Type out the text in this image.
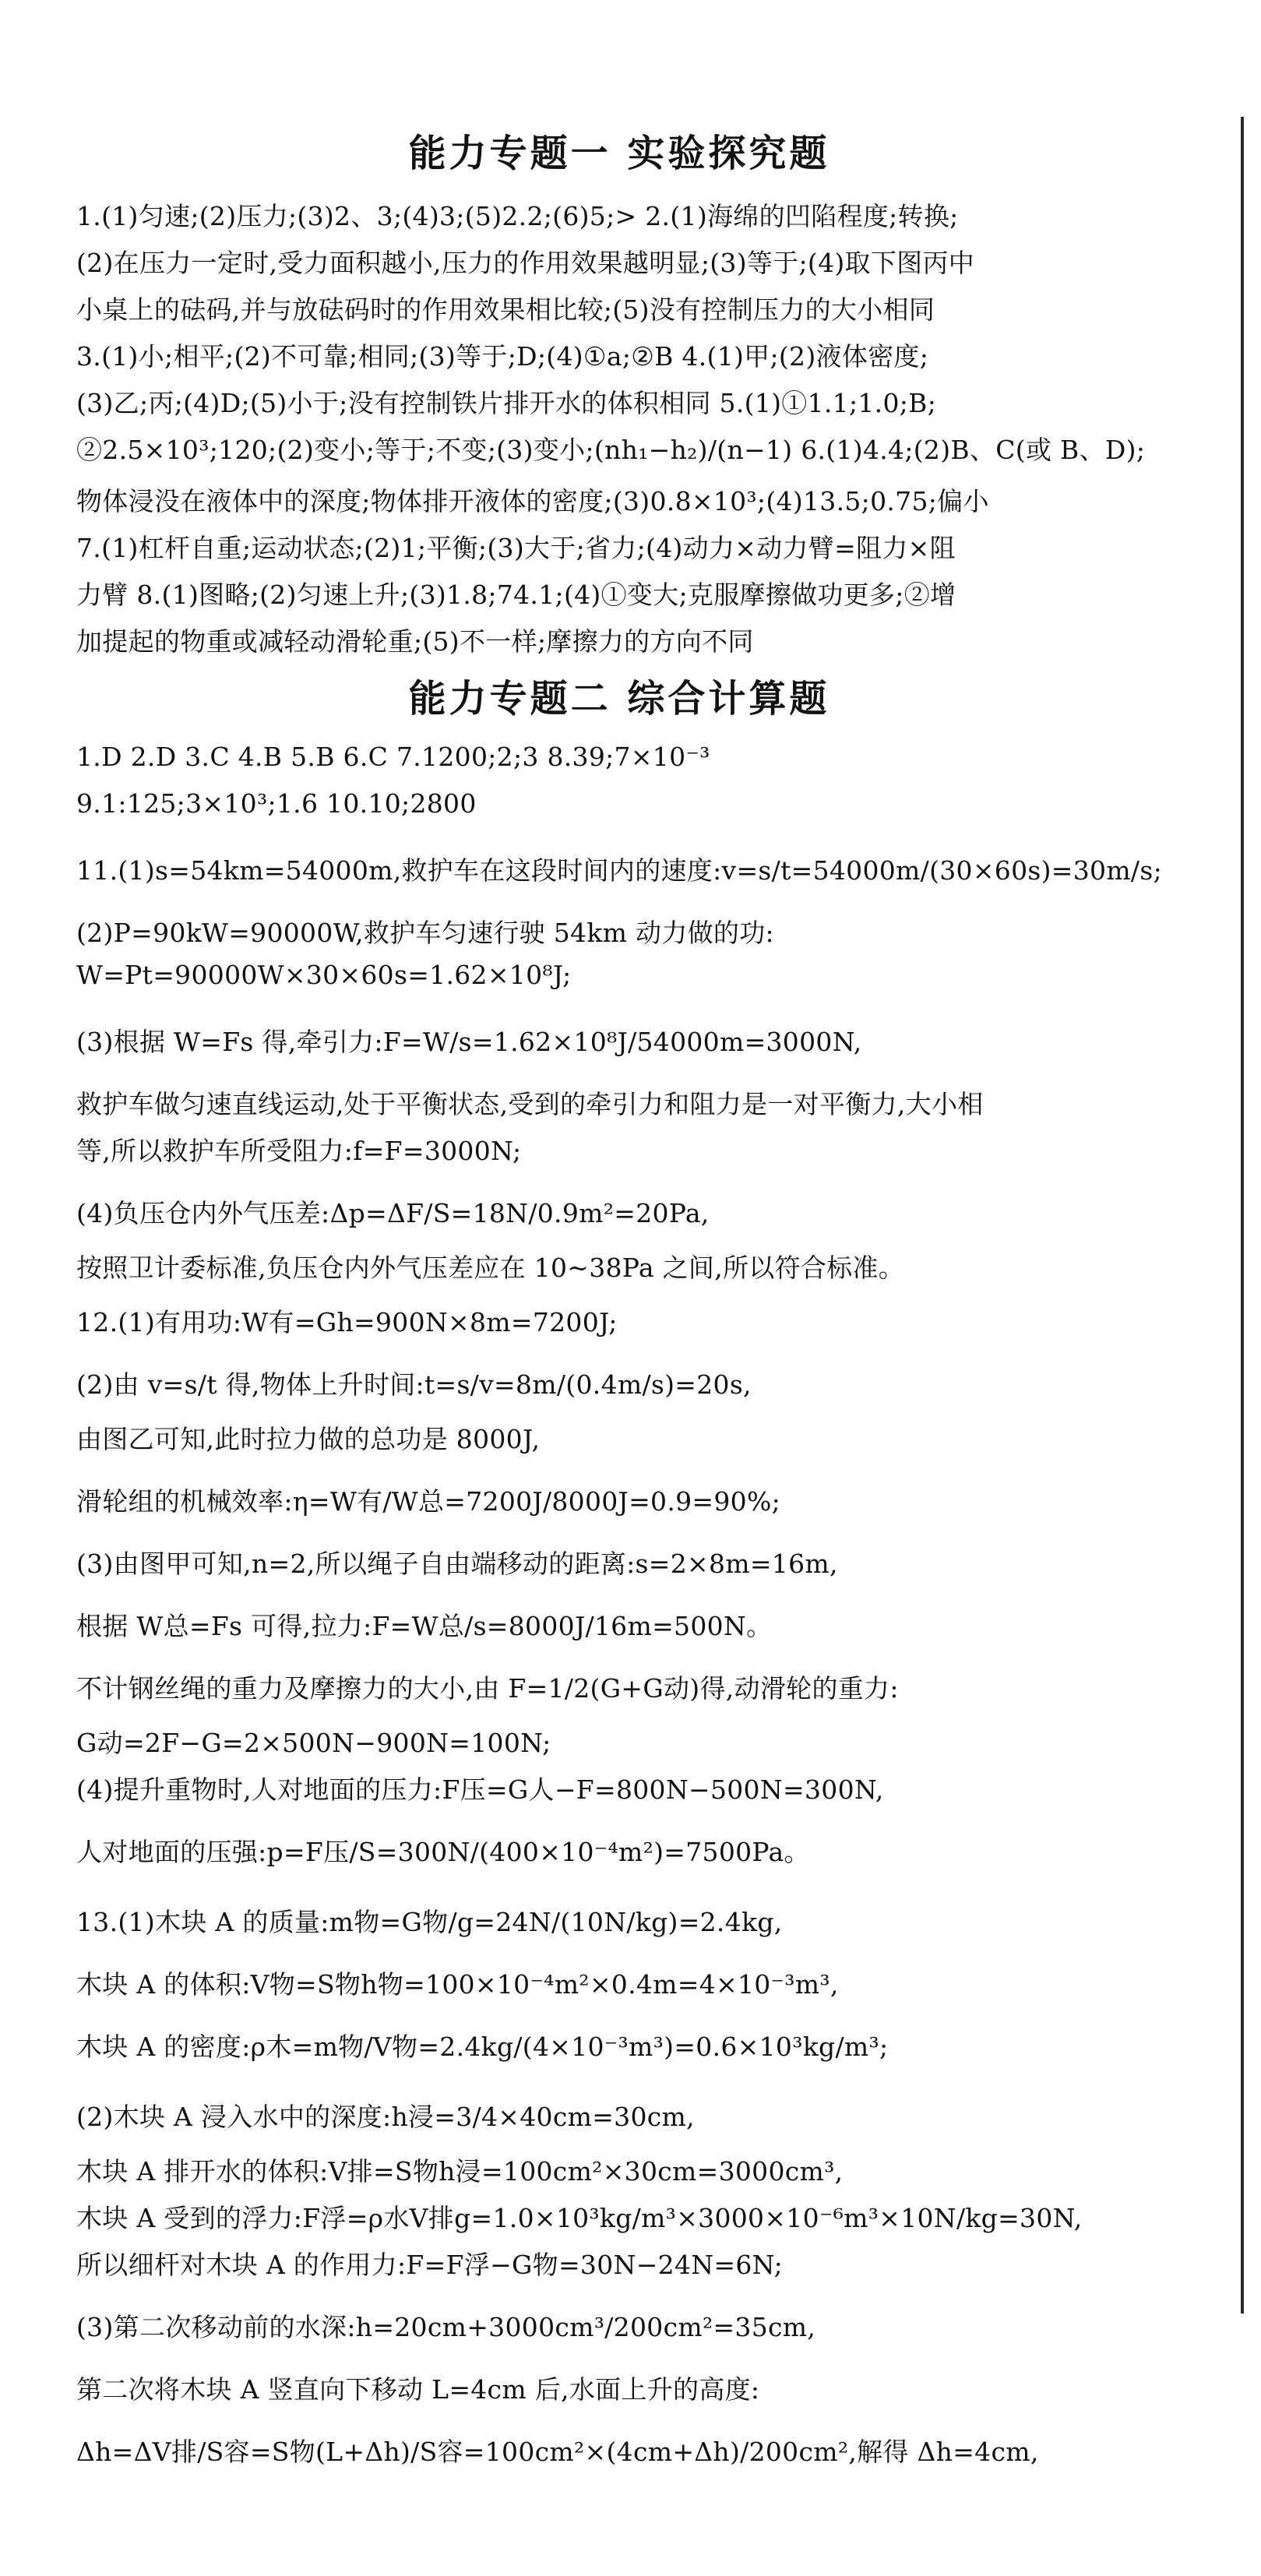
能力专题一 实验探究题
1.(1)匀速;(2)压力;(3)2、3;(4)3;(5)2.2;(6)5;> 2.(1)海绵的凹陷程度;转换;
(2)在压力一定时,受力面积越小,压力的作用效果越明显;(3)等于;(4)取下图丙中
小桌上的砝码,并与放砝码时的作用效果相比较;(5)没有控制压力的大小相同
3.(1)小;相平;(2)不可靠;相同;(3)等于;D;(4)①a;②B 4.(1)甲;(2)液体密度;
(3)乙;丙;(4)D;(5)小于;没有控制铁片排开水的体积相同 5.(1)①1.1;1.0;B;
②2.5×10³;120;(2)变小;等于;不变;(3)变小;(nh₁−h₂)/(n−1) 6.(1)4.4;(2)B、C(或 B、D);
物体浸没在液体中的深度;物体排开液体的密度;(3)0.8×10³;(4)13.5;0.75;偏小
7.(1)杠杆自重;运动状态;(2)1;平衡;(3)大于;省力;(4)动力×动力臂=阻力×阻
力臂 8.(1)图略;(2)匀速上升;(3)1.8;74.1;(4)①变大;克服摩擦做功更多;②增
加提起的物重或减轻动滑轮重;(5)不一样;摩擦力的方向不同
能力专题二 综合计算题
1.D 2.D 3.C 4.B 5.B 6.C 7.1200;2;3 8.39;7×10⁻³
9.1:125;3×10³;1.6 10.10;2800
11.(1)s=54km=54000m,救护车在这段时间内的速度:v=s/t=54000m/(30×60s)=30m/s;
(2)P=90kW=90000W,救护车匀速行驶 54km 动力做的功:
W=Pt=90000W×30×60s=1.62×10⁸J;
(3)根据 W=Fs 得,牵引力:F=W/s=1.62×10⁸J/54000m=3000N,
救护车做匀速直线运动,处于平衡状态,受到的牵引力和阻力是一对平衡力,大小相
等,所以救护车所受阻力:f=F=3000N;
(4)负压仓内外气压差:Δp=ΔF/S=18N/0.9m²=20Pa,
按照卫计委标准,负压仓内外气压差应在 10~38Pa 之间,所以符合标准。
12.(1)有用功:W有=Gh=900N×8m=7200J;
(2)由 v=s/t 得,物体上升时间:t=s/v=8m/(0.4m/s)=20s,
由图乙可知,此时拉力做的总功是 8000J,
滑轮组的机械效率:η=W有/W总=7200J/8000J=0.9=90%;
(3)由图甲可知,n=2,所以绳子自由端移动的距离:s=2×8m=16m,
根据 W总=Fs 可得,拉力:F=W总/s=8000J/16m=500N。
不计钢丝绳的重力及摩擦力的大小,由 F=1/2(G+G动)得,动滑轮的重力:
G动=2F−G=2×500N−900N=100N;
(4)提升重物时,人对地面的压力:F压=G人−F=800N−500N=300N,
人对地面的压强:p=F压/S=300N/(400×10⁻⁴m²)=7500Pa。
13.(1)木块 A 的质量:m物=G物/g=24N/(10N/kg)=2.4kg,
木块 A 的体积:V物=S物h物=100×10⁻⁴m²×0.4m=4×10⁻³m³,
木块 A 的密度:ρ木=m物/V物=2.4kg/(4×10⁻³m³)=0.6×10³kg/m³;
(2)木块 A 浸入水中的深度:h浸=3/4×40cm=30cm,
木块 A 排开水的体积:V排=S物h浸=100cm²×30cm=3000cm³,
木块 A 受到的浮力:F浮=ρ水V排g=1.0×10³kg/m³×3000×10⁻⁶m³×10N/kg=30N,
所以细杆对木块 A 的作用力:F=F浮−G物=30N−24N=6N;
(3)第二次移动前的水深:h=20cm+3000cm³/200cm²=35cm,
第二次将木块 A 竖直向下移动 L=4cm 后,水面上升的高度:
Δh=ΔV排/S容=S物(L+Δh)/S容=100cm²×(4cm+Δh)/200cm²,解得 Δh=4cm,
